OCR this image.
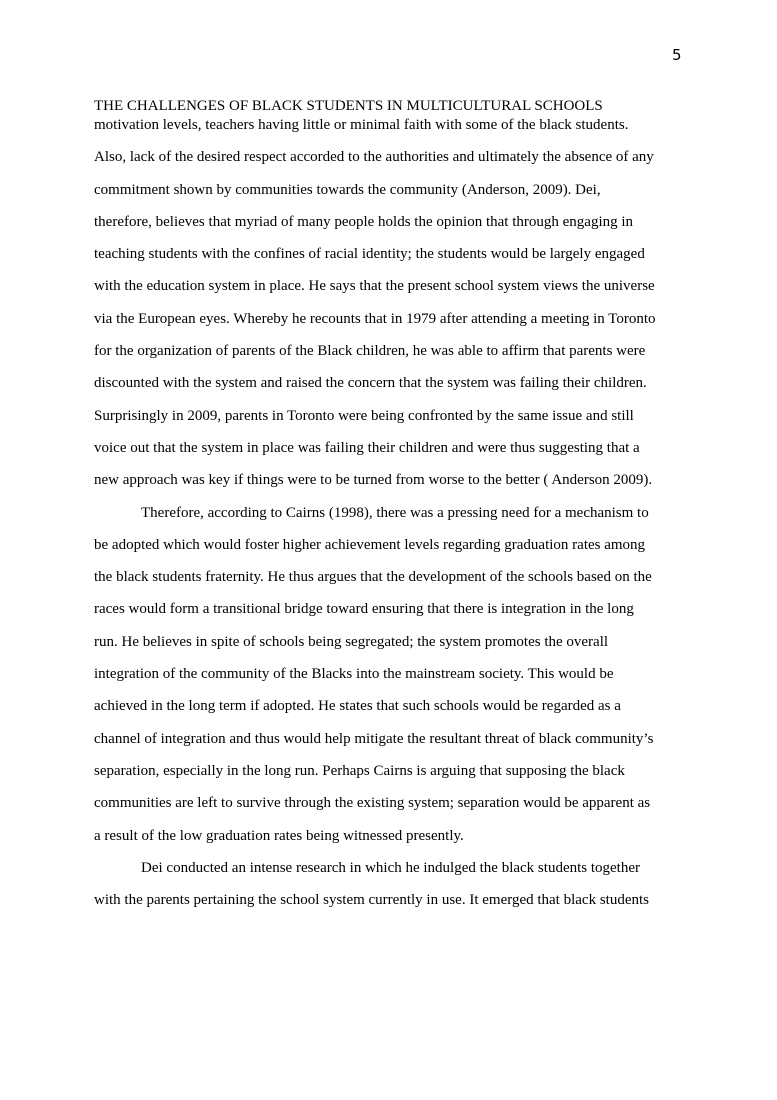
5
THE CHALLENGES OF BLACK STUDENTS IN MULTICULTURAL SCHOOLS
motivation levels, teachers having little or minimal faith with some of the black students.
Also, lack of the desired respect accorded to the authorities and ultimately the absence of any
commitment shown by communities towards the community (Anderson, 2009). Dei,
therefore, believes that myriad of many people holds the opinion that through engaging in
teaching students with the confines of racial identity; the students would be largely engaged
with the education system in place. He says that the present school system views the universe
via the European eyes. Whereby he recounts that in 1979 after attending a meeting in Toronto
for the organization of parents of the Black children, he was able to affirm that parents were
discounted with the system and raised the concern that the system was failing their children.
Surprisingly in 2009, parents in Toronto were being confronted by the same issue and still
voice out that the system in place was failing their children and were thus suggesting that a
new approach was key if things were to be turned from worse to the better ( Anderson 2009).
Therefore, according to Cairns (1998), there was a pressing need for a mechanism to
be adopted which would foster higher achievement levels regarding graduation rates among
the black students fraternity. He thus argues that the development of the schools based on the
races would form a transitional bridge toward ensuring that there is integration in the long
run. He believes in spite of schools being segregated; the system promotes the overall
integration of the community of the Blacks into the mainstream society. This would be
achieved in the long term if adopted. He states that such schools would be regarded as a
channel of integration and thus would help mitigate the resultant threat of black community’s
separation, especially in the long run. Perhaps Cairns is arguing that supposing the black
communities are left to survive through the existing system; separation would be apparent as
a result of the low graduation rates being witnessed presently.
Dei conducted an intense research in which he indulged the black students together
with the parents pertaining the school system currently in use. It emerged that black students
